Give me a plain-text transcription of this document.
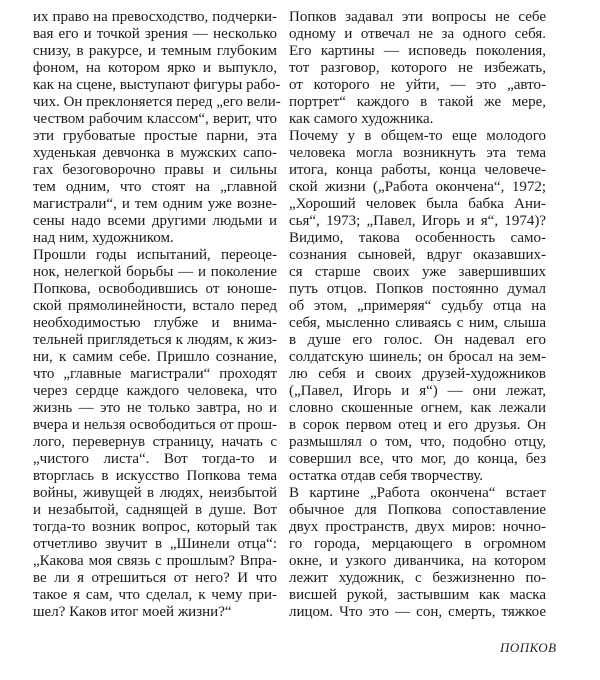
их право на превосходство, подчерки-
вая его и точкой зрения — несколько
снизу, в ракурсе, и темным глубоким
фоном, на котором ярко и выпукло,
как на сцене, выступают фигуры рабо-
чих. Он преклоняется перед „его вели-
чеством рабочим классом“, верит, что
эти грубоватые простые парни, эта
худенькая девчонка в мужских сапо-
гах безоговорочно правы и сильны
тем одним, что стоят на „главной
магистрали“, и тем одним уже возне-
сены надо всеми другими людьми и
над ним, художником.
Прошли годы испытаний, переоце-
нок, нелегкой борьбы — и поколение
Попкова, освободившись от юноше-
ской прямолинейности, встало перед
необходимостью глубже и внима-
тельней приглядеться к людям, к жиз-
ни, к самим себе. Пришло сознание,
что „главные магистрали“ проходят
через сердце каждого человека, что
жизнь — это не только завтра, но и
вчера и нельзя освободиться от прош-
лого, перевернув страницу, начать с
„чистого листа“. Вот тогда-то и
вторглась в искусство Попкова тема
войны, живущей в людях, неизбытой
и незабытой, саднящей в душе. Вот
тогда-то возник вопрос, который так
отчетливо звучит в „Шинели отца“:
„Какова моя связь с прошлым? Впра-
ве ли я отрешиться от него? И что
такое я сам, что сделал, к чему при-
шел? Каков итог моей жизни?“
Попков задавал эти вопросы не себе
одному и отвечал не за одного себя.
Его картины — исповедь поколения,
тот разговор, которого не избежать,
от которого не уйти, — это „авто-
портрет“ каждого в такой же мере,
как самого художника.
Почему у в общем-то еще молодого
человека могла возникнуть эта тема
итога, конца работы, конца человече-
ской жизни („Работа окончена“, 1972;
„Хороший человек была бабка Ани-
сья“, 1973; „Павел, Игорь и я“, 1974)?
Видимо, такова особенность само-
сознания сыновей, вдруг оказавших-
ся старше своих уже завершивших
путь отцов. Попков постоянно думал
об этом, „примеряя“ судьбу отца на
себя, мысленно сливаясь с ним, слыша
в душе его голос. Он надевал его
солдатскую шинель; он бросал на зем-
лю себя и своих друзей-художников
(„Павел, Игорь и я“) — они лежат,
словно скошенные огнем, как лежали
в сорок первом отец и его друзья. Он
размышлял о том, что, подобно отцу,
совершил все, что мог, до конца, без
остатка отдав себя творчеству.
В картине „Работа окончена“ встает
обычное для Попкова сопоставление
двух пространств, двух миров: ночно-
го города, мерцающего в огромном
окне, и узкого диванчика, на котором
лежит художник, с безжизненно по-
висшей рукой, застывшим как маска
лицом. Что это — сон, смерть, тяжкое
ПОПКОВ
